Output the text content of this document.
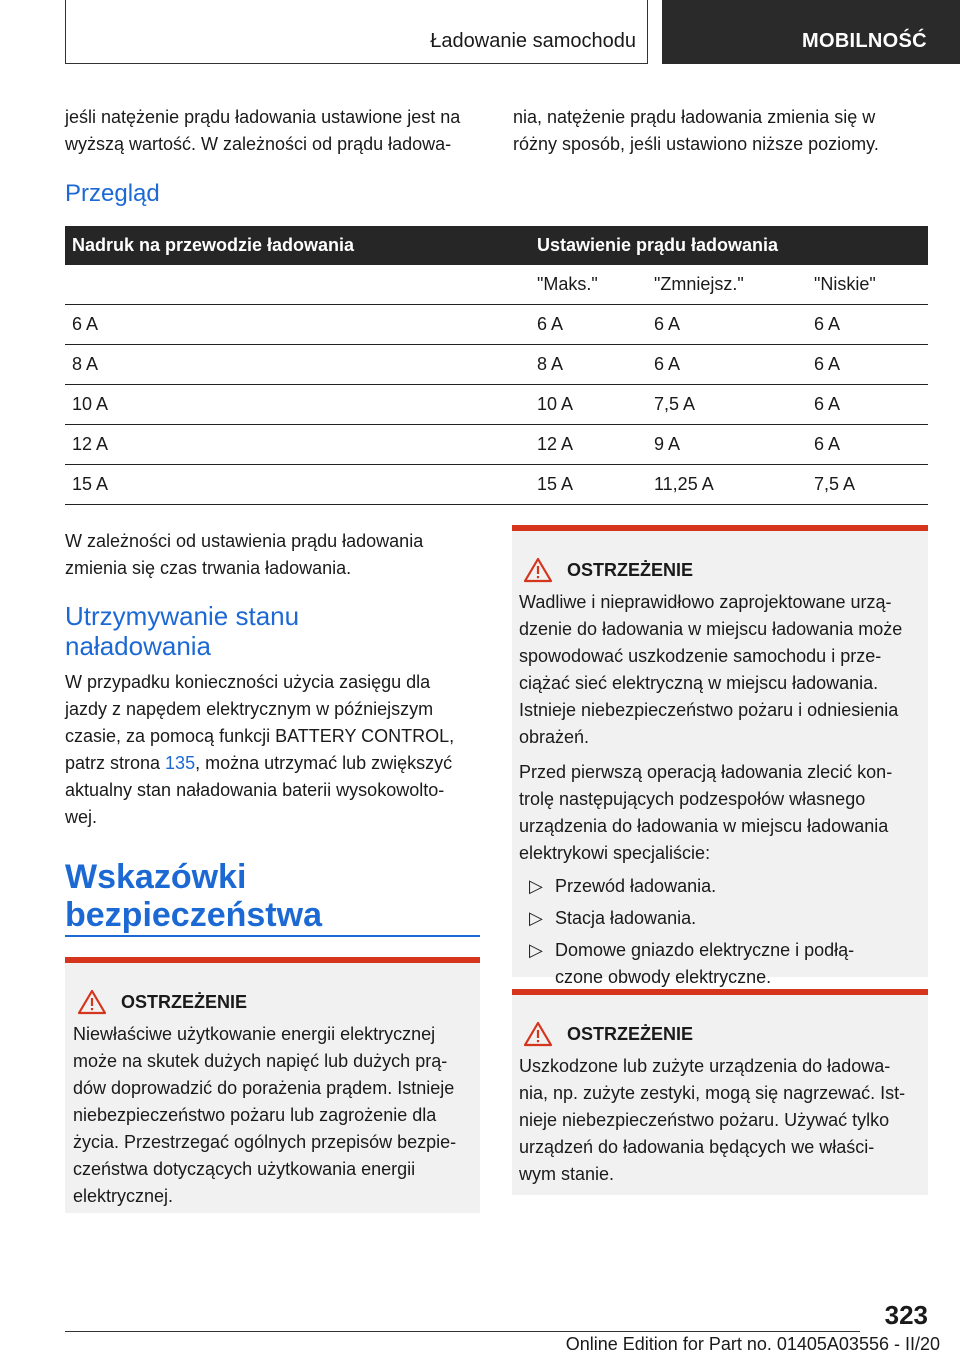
Ładowanie samochodu	MOBILNOŚĆ
jeśli natężenie prądu ładowania ustawione jest na
wyższą wartość. W zależności od prądu ładowa-
nia, natężenie prądu ładowania zmienia się w
różny sposób, jeśli ustawiono niższe poziomy.
Przegląd
Nadruk na przewodzie ładowania	Ustawienie prądu ładowania		
	"Maks."	"Zmniejsz."	"Niskie"
6 A	6 A	6 A	6 A
8 A	8 A	6 A	6 A
10 A	10 A	7,5 A	6 A
12 A	12 A	9 A	6 A
15 A	15 A	11,25 A	7,5 A
W zależności od ustawienia prądu ładowania
zmienia się czas trwania ładowania.
Utrzymywanie stanu
naładowania
W przypadku konieczności użycia zasięgu dla
jazdy z napędem elektrycznym w późniejszym
czasie, za pomocą funkcji BATTERY CONTROL,
patrz strona 135, można utrzymać lub zwiększyć
aktualny stan naładowania baterii wysokowolto-
wej.
Wskazówki
bezpieczeństwa
OSTRZEŻENIE
Niewłaściwe użytkowanie energii elektrycznej
może na skutek dużych napięć lub dużych prą-
dów doprowadzić do porażenia prądem. Istnieje
niebezpieczeństwo pożaru lub zagrożenie dla
życia. Przestrzegać ogólnych przepisów bezpie-
czeństwa dotyczących użytkowania energii
elektrycznej.
OSTRZEŻENIE
Wadliwe i nieprawidłowo zaprojektowane urzą-
dzenie do ładowania w miejscu ładowania może
spowodować uszkodzenie samochodu i prze-
ciążać sieć elektryczną w miejscu ładowania.
Istnieje niebezpieczeństwo pożaru i odniesienia
obrażeń.
Przed pierwszą operacją ładowania zlecić kon-
trolę następujących podzespołów własnego
urządzenia do ładowania w miejscu ładowania
elektrykowi specjaliście:
▷ Przewód ładowania.
▷ Stacja ładowania.
▷ Domowe gniazdo elektryczne i podłą-
czone obwody elektryczne.
OSTRZEŻENIE
Uszkodzone lub zużyte urządzenia do ładowa-
nia, np. zużyte zestyki, mogą się nagrzewać. Ist-
nieje niebezpieczeństwo pożaru. Używać tylko
urządzeń do ładowania będących we właści-
wym stanie.
323
Online Edition for Part no. 01405A03556 - II/20
